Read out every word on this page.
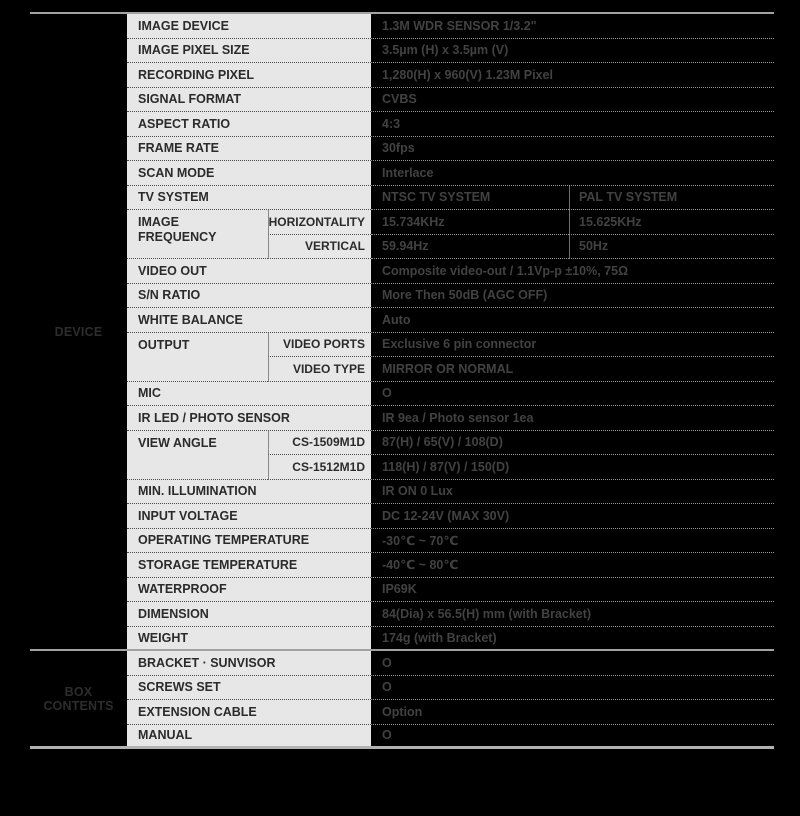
DEVICE
BOX CONTENTS
IMAGE DEVICE	1.3M WDR SENSOR 1/3.2"
IMAGE PIXEL SIZE	3.5µm (H) x 3.5µm (V)
RECORDING PIXEL	1,280(H) x 960(V) 1.23M Pixel
SIGNAL FORMAT	CVBS
ASPECT RATIO	4:3
FRAME RATE	30fps
SCAN MODE	Interlace
TV SYSTEM	NTSC TV SYSTEM	PAL TV SYSTEM
IMAGE FREQUENCY
HORIZONTALITY	15.734KHz	15.625KHz
VERTICAL	59.94Hz	50Hz
VIDEO OUT	Composite video-out / 1.1Vp-p ±10%, 75Ω
S/N RATIO	More Then 50dB (AGC OFF)
WHITE BALANCE	Auto
OUTPUT	VIDEO PORTS	Exclusive 6 pin connector
VIDEO TYPE	MIRROR OR NORMAL
MIC	O
IR LED / PHOTO SENSOR	IR 9ea / Photo sensor 1ea
VIEW ANGLE	CS-1509M1D	87(H) / 65(V) / 108(D)
CS-1512M1D	118(H) / 87(V) / 150(D)
MIN. ILLUMINATION	IR ON 0 Lux
INPUT VOLTAGE	DC 12-24V (MAX 30V)
OPERATING TEMPERATURE	-30℃ ~ 70℃
STORAGE TEMPERATURE	-40℃ ~ 80℃
WATERPROOF	IP69K
DIMENSION	84(Dia) x 56.5(H) mm (with Bracket)
WEIGHT	174g (with Bracket)
BRACKET · SUNVISOR	O
SCREWS SET	O
EXTENSION CABLE	Option
MANUAL	O
